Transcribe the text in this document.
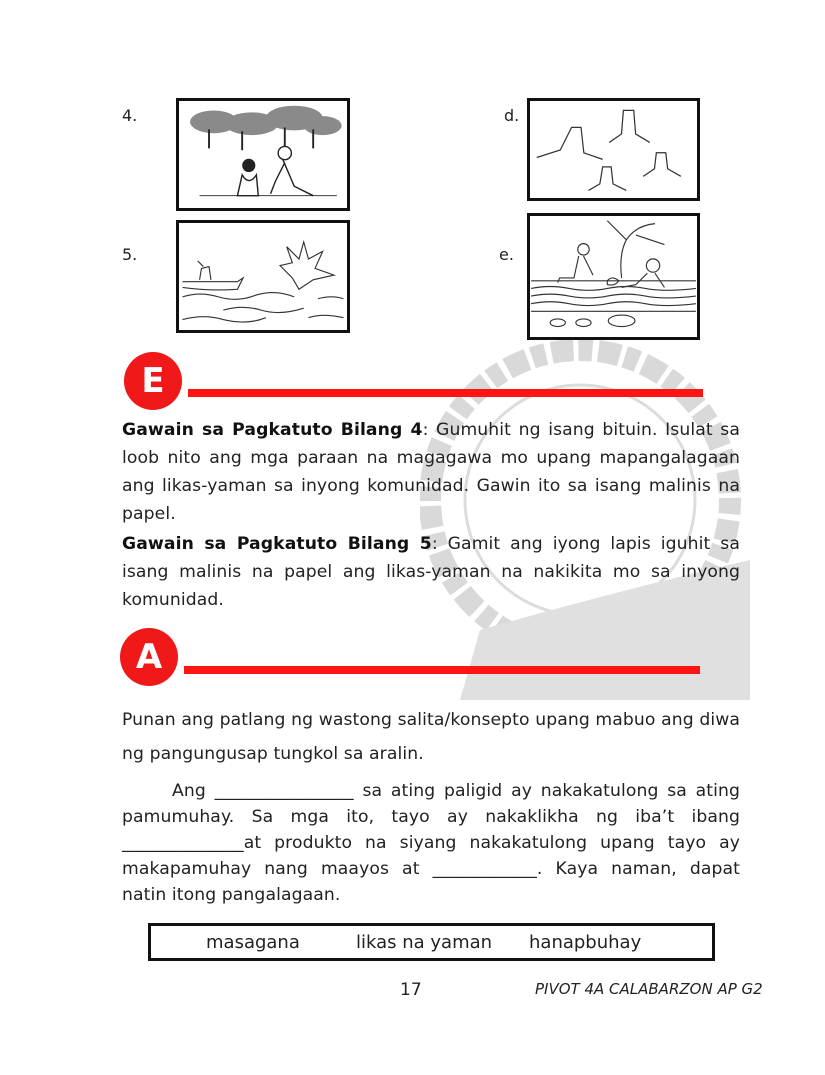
4.	d.
5.	e.
E
Gawain sa Pagkatuto Bilang 4: Gumuhit ng isang bituin. Isulat sa loob nito ang mga paraan na magagawa mo upang mapangalagaan ang likas-yaman sa inyong komunidad. Gawin ito sa isang malinis na papel.
Gawain sa Pagkatuto Bilang 5: Gamit ang iyong lapis iguhit sa isang malinis na papel ang likas-yaman na nakikita mo sa inyong komunidad.
A
Punan ang patlang ng wastong salita/konsepto upang mabuo ang diwa ng pangungusap tungkol sa aralin.
Ang ________________ sa ating paligid ay nakakatulong sa ating
pamumuhay. Sa mga ito, tayo ay nakaklikha ng iba’t ibang
______________at produkto na siyang nakakatulong upang tayo ay
makapamuhay nang maayos at ____________. Kaya naman, dapat
natin itong pangalagaan.
masagana	likas na yaman hanapbuhay
17	PIVOT 4A CALABARZON AP G2
